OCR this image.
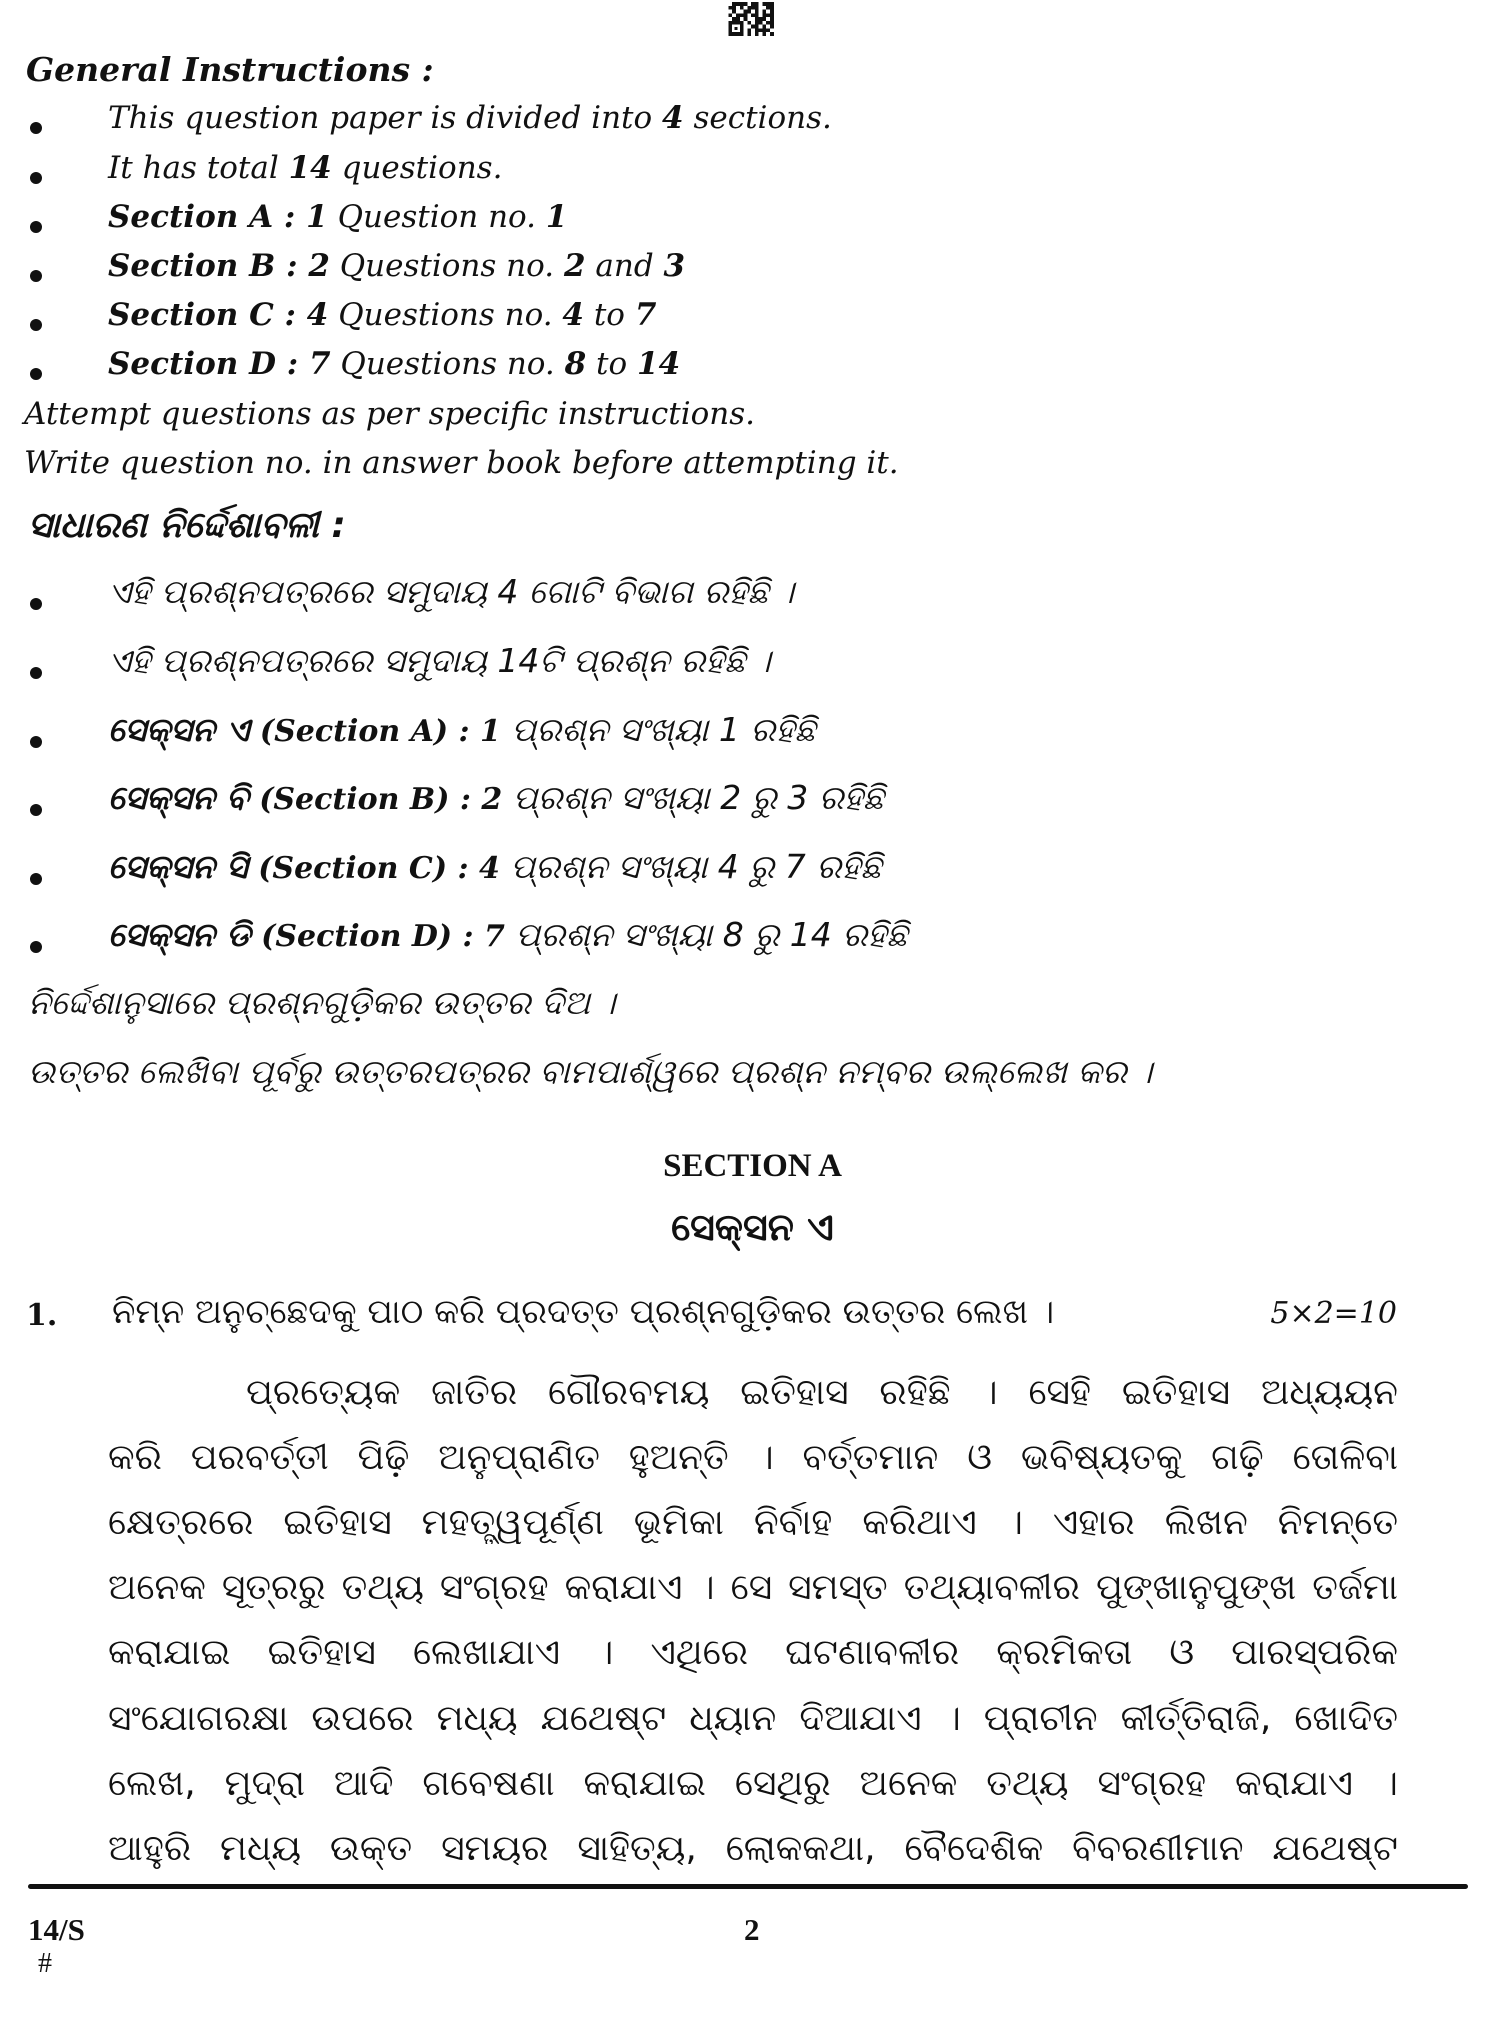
General Instructions :
This question paper is divided into 4 sections.
It has total 14 questions.
Section A : 1 Question no. 1
Section B : 2 Questions no. 2 and 3
Section C : 4 Questions no. 4 to 7
Section D : 7 Questions no. 8 to 14
Attempt questions as per specific instructions.
Write question no. in answer book before attempting it.
ସାଧାରଣ ନିର୍ଦ୍ଦେଶାବଳୀ :
ଏହି ପ୍ରଶ୍ନପତ୍ରରେ ସମୁଦାୟ 4 ଗୋଟି ବିଭାଗ ରହିଛି ।
ଏହି ପ୍ରଶ୍ନପତ୍ରରେ ସମୁଦାୟ 14ଟି ପ୍ରଶ୍ନ ରହିଛି ।
ସେକ୍ସନ ଏ (Section A) : 1 ପ୍ରଶ୍ନ ସଂଖ୍ୟା 1 ରହିଛି
ସେକ୍ସନ ବି (Section B) : 2 ପ୍ରଶ୍ନ ସଂଖ୍ୟା 2 ରୁ 3 ରହିଛି
ସେକ୍ସନ ସି (Section C) : 4 ପ୍ରଶ୍ନ ସଂଖ୍ୟା 4 ରୁ 7 ରହିଛି
ସେକ୍ସନ ଡି (Section D) : 7 ପ୍ରଶ୍ନ ସଂଖ୍ୟା 8 ରୁ 14 ରହିଛି
ନିର୍ଦ୍ଦେଶାନୁସାରେ ପ୍ରଶ୍ନଗୁଡ଼ିକର ଉତ୍ତର ଦିଅ ।
ଉତ୍ତର ଲେଖିବା ପୂର୍ବରୁ ଉତ୍ତରପତ୍ରର ବାମପାର୍ଶ୍ୱରେ ପ୍ରଶ୍ନ ନମ୍ବର ଉଲ୍ଲେଖ କର ।
SECTION A
ସେକ୍ସନ ଏ
1. ନିମ୍ନ ଅନୁଚ୍ଛେଦକୁ ପାଠ କରି ପ୍ରଦତ୍ତ ପ୍ରଶ୍ନଗୁଡ଼ିକର ଉତ୍ତର ଲେଖ ।	5×2=10
ପ୍ରତ୍ୟେକ ଜାତିର ଗୌରବମୟ ଇତିହାସ ରହିଛି । ସେହି ଇତିହାସ ଅଧ୍ୟୟନ
କରି ପରବର୍ତ୍ତୀ ପିଢ଼ି ଅନୁପ୍ରାଣିତ ହୁଅନ୍ତି । ବର୍ତ୍ତମାନ ଓ ଭବିଷ୍ୟତକୁ ଗଢ଼ି ତୋଳିବା
କ୍ଷେତ୍ରରେ ଇତିହାସ ମହତ୍ତ୍ୱପୂର୍ଣ୍ଣ ଭୂମିକା ନିର୍ବାହ କରିଥାଏ । ଏହାର ଲିଖନ ନିମନ୍ତେ
ଅନେକ ସୂତ୍ରରୁ ତଥ୍ୟ ସଂଗ୍ରହ କରାଯାଏ । ସେ ସମସ୍ତ ତଥ୍ୟାବଳୀର ପୁଙ୍ଖାନୁପୁଙ୍ଖ ତର୍ଜମା
କରାଯାଇ ଇତିହାସ ଲେଖାଯାଏ । ଏଥିରେ ଘଟଣାବଳୀର କ୍ରମିକତା ଓ ପାରସ୍ପରିକ
ସଂଯୋଗରକ୍ଷା ଉପରେ ମଧ୍ୟ ଯଥେଷ୍ଟ ଧ୍ୟାନ ଦିଆଯାଏ । ପ୍ରାଚୀନ କୀର୍ତ୍ତିରାଜି, ଖୋଦିତ
ଲେଖ, ମୁଦ୍ରା ଆଦି ଗବେଷଣା କରାଯାଇ ସେଥିରୁ ଅନେକ ତଥ୍ୟ ସଂଗ୍ରହ କରାଯାଏ ।
ଆହୁରି ମଧ୍ୟ ଉକ୍ତ ସମୟର ସାହିତ୍ୟ, ଲୋକକଥା, ବୈଦେଶିକ ବିବରଣୀମାନ ଯଥେଷ୍ଟ
14/S	2
#
